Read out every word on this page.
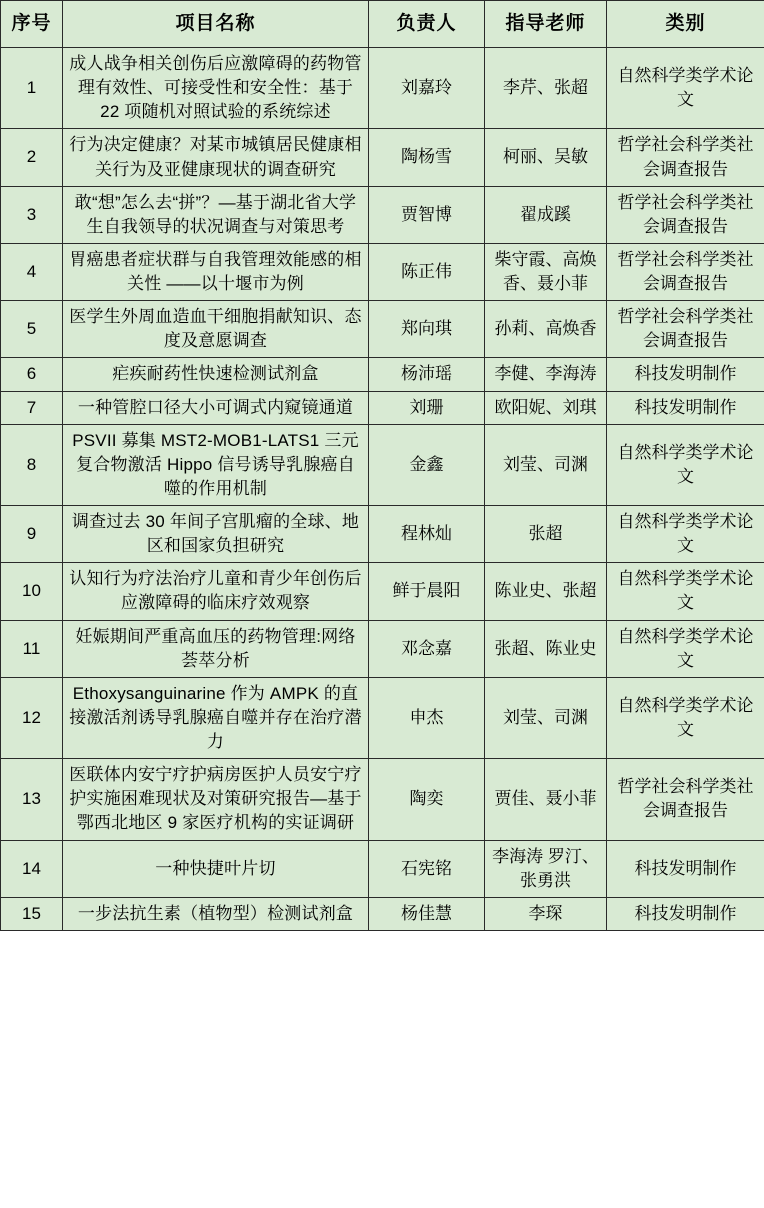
序号	项目名称	负责人	指导老师	类别
1	成人战争相关创伤后应激障碍的药物管理有效性、可接受性和安全性：基于 22 项随机对照试验的系统综述	刘嘉玲	李芹、张超	自然科学类学术论文
2	行为决定健康？对某市城镇居民健康相关行为及亚健康现状的调查研究	陶杨雪	柯丽、吴敏	哲学社会科学类社会调查报告
3	敢“想”怎么去“拼”？—基于湖北省大学生自我领导的状况调查与对策思考	贾智博	翟成蹊	哲学社会科学类社会调查报告
4	胃癌患者症状群与自我管理效能感的相关性 ——以十堰市为例	陈正伟	柴守霞、高焕香、聂小菲	哲学社会科学类社会调查报告
5	医学生外周血造血干细胞捐献知识、态度及意愿调查	郑向琪	孙莉、高焕香	哲学社会科学类社会调查报告
6	疟疾耐药性快速检测试剂盒	杨沛瑶	李健、李海涛	科技发明制作
7	一种管腔口径大小可调式内窥镜通道	刘珊	欧阳妮、刘琪	科技发明制作
8	PSVII 募集 MST2-MOB1-LATS1 三元复合物激活 Hippo 信号诱导乳腺癌自噬的作用机制	金鑫	刘莹、司渊	自然科学类学术论文
9	调查过去 30 年间子宫肌瘤的全球、地区和国家负担研究	程林灿	张超	自然科学类学术论文
10	认知行为疗法治疗儿童和青少年创伤后应激障碍的临床疗效观察	鲜于晨阳	陈业史、张超	自然科学类学术论文
11	妊娠期间严重高血压的药物管理:网络荟萃分析	邓念嘉	张超、陈业史	自然科学类学术论文
12	Ethoxysanguinarine 作为 AMPK 的直接激活剂诱导乳腺癌自噬并存在治疗潜力	申杰	刘莹、司渊	自然科学类学术论文
13	医联体内安宁疗护病房医护人员安宁疗护实施困难现状及对策研究报告—基于鄂西北地区 9 家医疗机构的实证调研	陶奕	贾佳、聂小菲	哲学社会科学类社会调查报告
14	一种快捷叶片切	石宪铭	李海涛 罗汀、张勇洪	科技发明制作
15	一步法抗生素（植物型）检测试剂盒	杨佳慧	李琛	科技发明制作
